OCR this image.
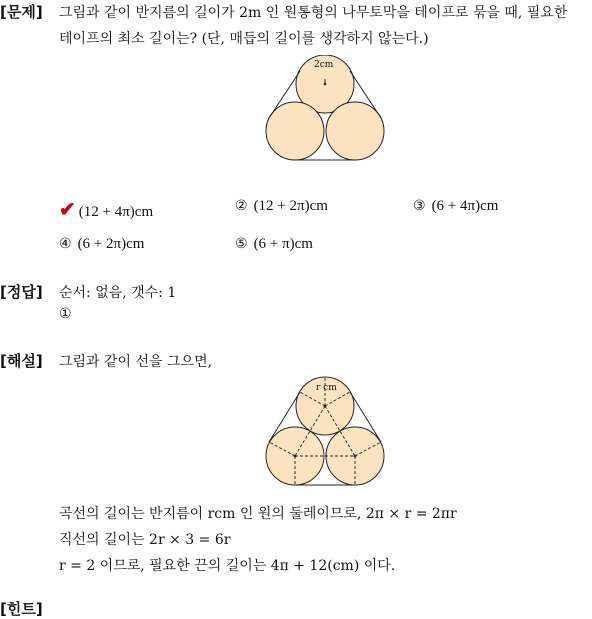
[문제] 그림과 같이 반지름의 길이가 2m 인 원통형의 나무토막을 테이프로 묶을 때, 필요한
테이프의 최소 길이는? (단, 매듭의 길이를 생각하지 않는다.)
2cm
✔ (12 + 4π)cm	② (12 + 2π)cm	③ (6 + 4π)cm
④ (6 + 2π)cm	⑤ (6 + π)cm
[정답] 순서: 없음, 갯수: 1
①
[해설] 그림과 같이 선을 그으면,
r cm
곡선의 길이는 반지름이 rcm 인 원의 둘레이므로, 2π × r = 2πr
직선의 길이는 2r × 3 = 6r
r = 2 이므로, 필요한 끈의 길이는 4π + 12(cm) 이다.
[힌트]
